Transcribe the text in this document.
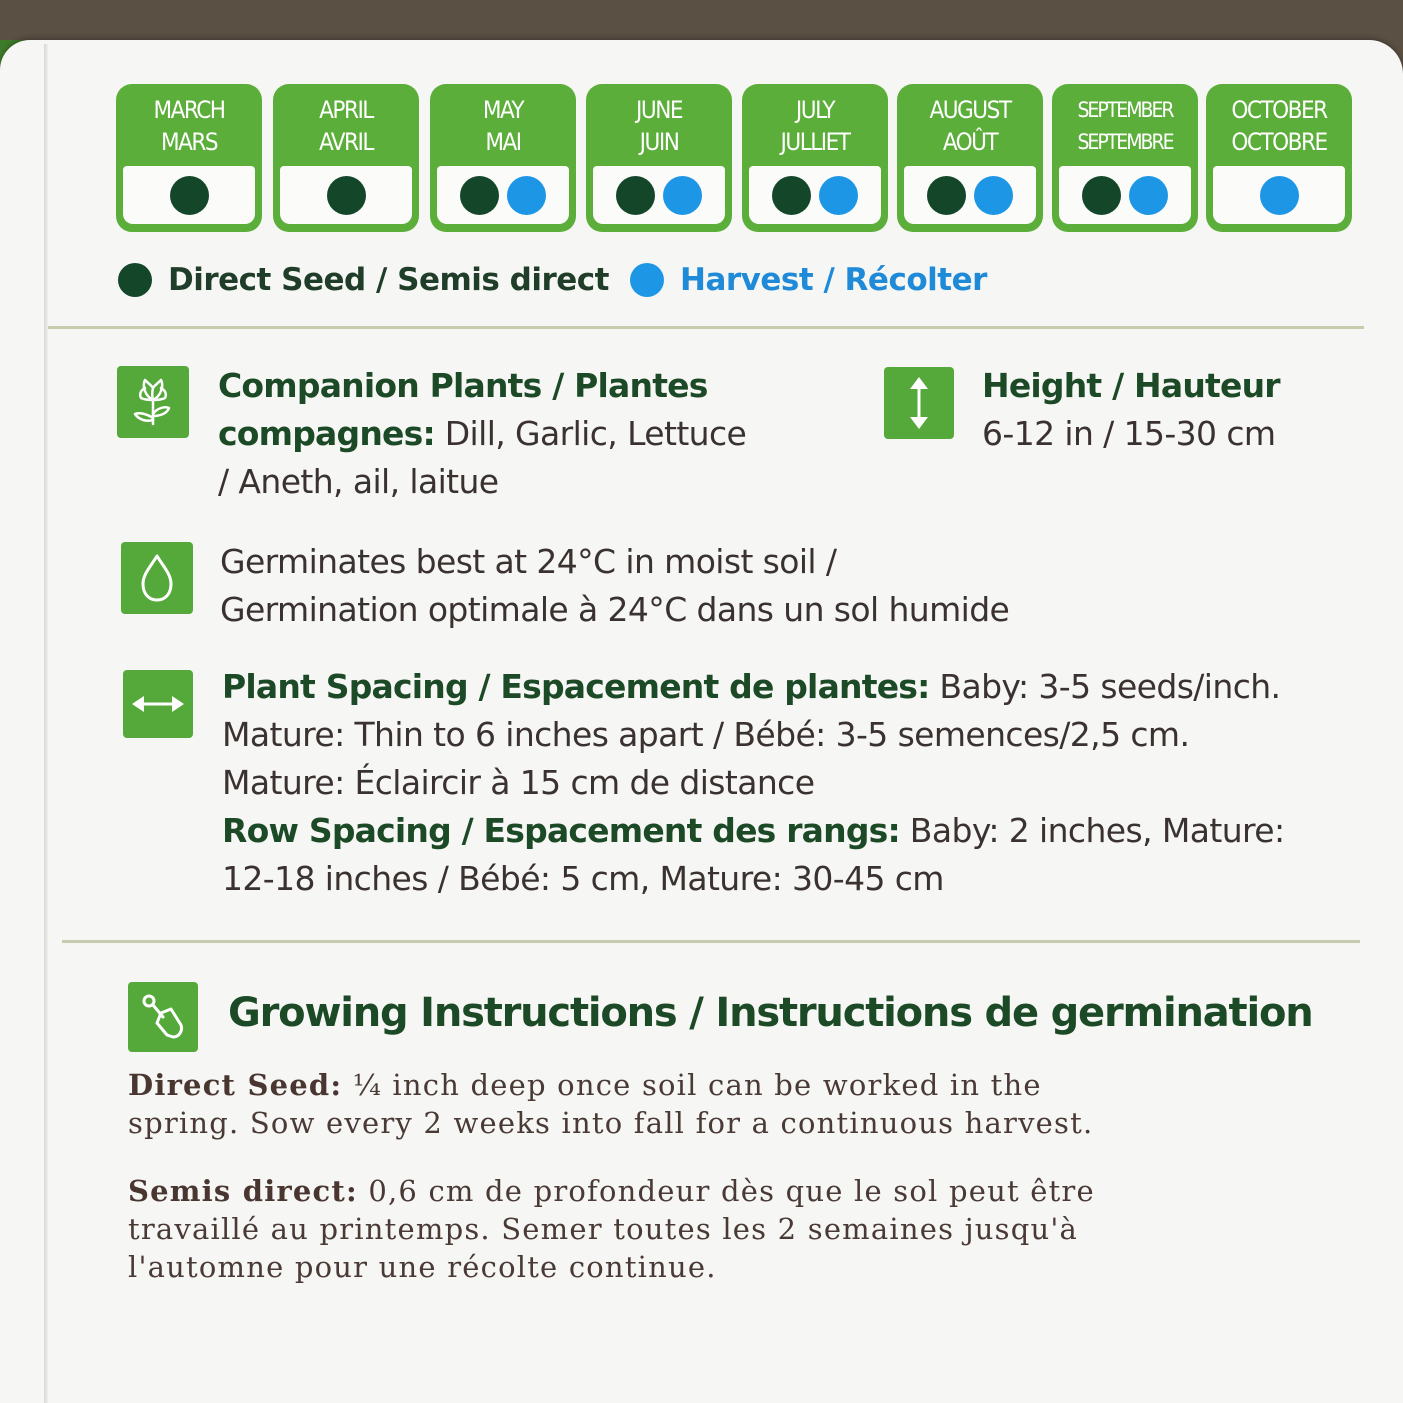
MARCH
MARS
APRIL
AVRIL
MAY
MAI
JUNE
JUIN
JULY
JULLIET
AUGUST
AOÛT
SEPTEMBER
SEPTEMBRE
OCTOBER
OCTOBRE
Direct Seed / Semis direct Harvest / Récolter
Companion Plants / Plantes
compagnes: Dill, Garlic, Lettuce
/ Aneth, ail, laitue
Height / Hauteur
6-12 in / 15-30 cm
Germinates best at 24°C in moist soil /
Germination optimale à 24°C dans un sol humide
Plant Spacing / Espacement de plantes: Baby: 3-5 seeds/inch.
Mature: Thin to 6 inches apart / Bébé: 3-5 semences/2,5 cm.
Mature: Éclaircir à 15 cm de distance
Row Spacing / Espacement des rangs: Baby: 2 inches, Mature:
12-18 inches / Bébé: 5 cm, Mature: 30-45 cm
Growing Instructions / Instructions de germination
Direct Seed: ¼ inch deep once soil can be worked in the
spring. Sow every 2 weeks into fall for a continuous harvest.
Semis direct: 0,6 cm de profondeur dès que le sol peut être
travaillé au printemps. Semer toutes les 2 semaines jusqu'à
l'automne pour une récolte continue.
